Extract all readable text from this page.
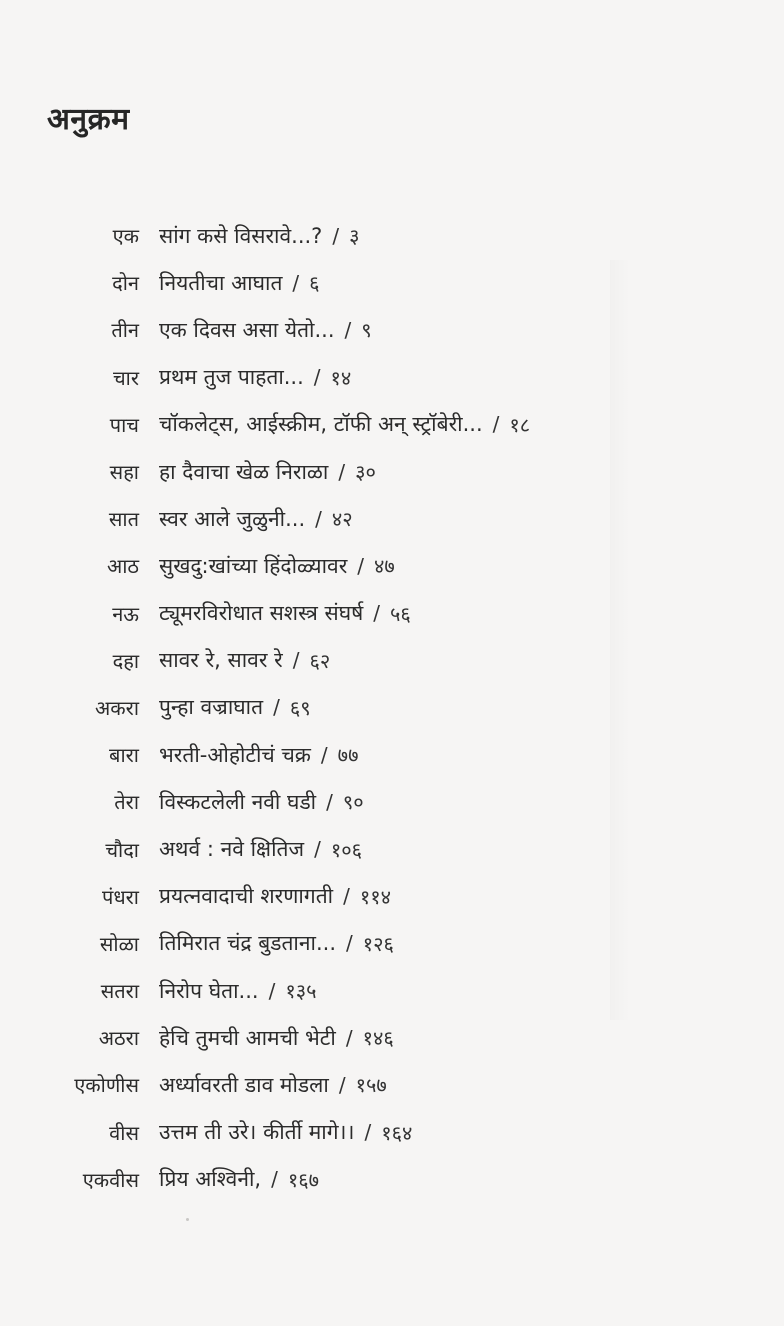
अनुक्रम
एक सांग कसे विसरावे...? / ३
दोन नियतीचा आघात / ६
तीन एक दिवस असा येतो... / ९
चार प्रथम तुज पाहता... / १४
पाच चॉकलेट्स, आईस्क्रीम, टॉफी अन् स्ट्रॉबेरी... / १८
सहा हा दैवाचा खेळ निराळा / ३०
सात स्वर आले जुळुनी... / ४२
आठ सुखदु:खांच्या हिंदोळ्यावर / ४७
नऊ ट्यूमरविरोधात सशस्त्र संघर्ष / ५६
दहा सावर रे, सावर रे / ६२
अकरा पुन्हा वज्राघात / ६९
बारा भरती-ओहोटीचं चक्र / ७७
तेरा विस्कटलेली नवी घडी / ९०
चौदा अथर्व : नवे क्षितिज / १०६
पंधरा प्रयत्नवादाची शरणागती / ११४
सोळा तिमिरात चंद्र बुडताना... / १२६
सतरा निरोप घेता... / १३५
अठरा हेचि तुमची आमची भेटी / १४६
एकोणीस अर्ध्यावरती डाव मोडला / १५७
वीस उत्तम ती उरे। कीर्ती मागे।। / १६४
एकवीस प्रिय अश्विनी, / १६७
